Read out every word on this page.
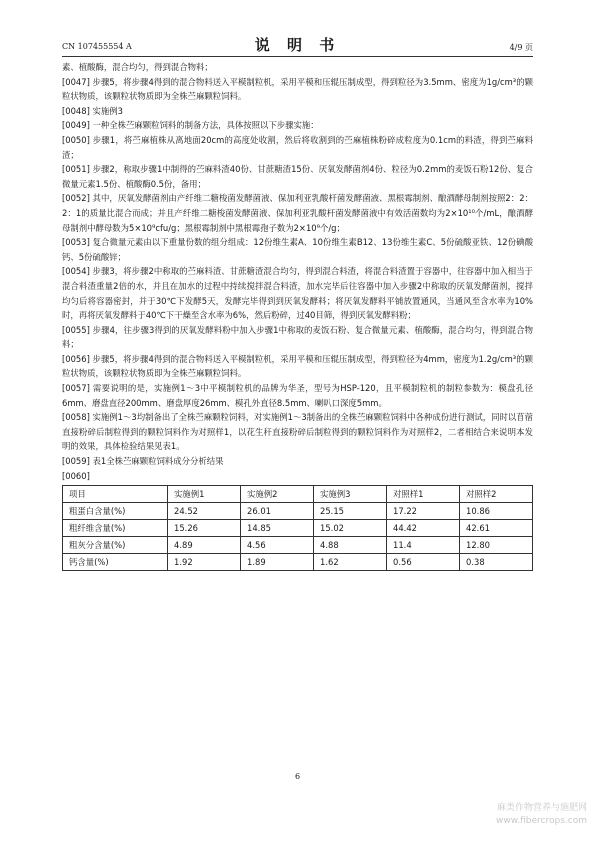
CN 107455554 A	说 明 书	4/9 页

素、植酸酶，混合均匀，得到混合物料；

[0047] 步骤5，将步骤4得到的混合物料送入平模制粒机，采用平模和压辊压制成型，得到粒径为3.5mm、密度为1g/cm³的颗粒状物质，该颗粒状物质即为全株苎麻颗粒饲料。

[0048] 实施例3

[0049] 一种全株苎麻颗粒饲料的制备方法，具体按照以下步骤实施：

[0050] 步骤1，将苎麻植株从离地面20cm的高度处收割，然后将收割到的苎麻植株粉碎成粒度为0.1cm的料渣，得到苎麻料渣；

[0051] 步骤2，称取步骤1中制得的苎麻料渣40份、甘蔗糖渣15份、厌氧发酵菌剂4份、粒径为0.2mm的麦饭石粉12份、复合微量元素1.5份、植酸酶0.5份，备用；

[0052] 其中，厌氧发酵菌剂由产纤维二糖梭菌发酵菌液、保加利亚乳酸杆菌发酵菌液、黑根霉制剂、酿酒酵母制剂按照2：2：2：1的质量比混合而成；并且产纤维二糖梭菌发酵菌液、保加利亚乳酸杆菌发酵菌液中有效活菌数均为2×10¹⁰个/mL，酿酒酵母制剂中酵母数为5×10⁹cfu/g；黑根霉制剂中黑根霉孢子数为2×10⁹个/g；

[0053] 复合微量元素由以下重量份数的组分组成：12份维生素A、10份维生素B12、13份维生素C、5份硫酸亚铁、12份碘酸钙、5份硫酸锌；

[0054] 步骤3，将步骤2中称取的苎麻料渣、甘蔗糖渣混合均匀，得到混合料渣，将混合料渣置于容器中，往容器中加入相当于混合料渣重量2倍的水，并且在加水的过程中持续搅拌混合料渣，加水完毕后往容器中加入步骤2中称取的厌氧发酵菌剂，搅拌均匀后将容器密封，并于30℃下发酵5天，发酵完毕得到到厌氧发酵料；将厌氧发酵料平铺放置通风，当通风至含水率为10%时，再将厌氧发酵料于40℃下干燥至含水率为6%，然后粉碎，过40目筛，得到厌氧发酵料粉；

[0055] 步骤4，往步骤3得到的厌氧发酵料粉中加入步骤1中称取的麦饭石粉、复合微量元素、植酸酶，混合均匀，得到混合物料；

[0056] 步骤5，将步骤4得到的混合物料送入平模制粒机，采用平模和压辊压制成型，得到粒径为4mm，密度为1.2g/cm³的颗粒状物质，该颗粒状物质即为全株苎麻颗粒饲料。

[0057] 需要说明的是，实施例1～3中平模制粒机的品牌为华圣，型号为HSP-120，且平模制粒机的制粒参数为：模盘孔径6mm、磨盘直径200mm、磨盘厚度26mm、模孔外直径8.5mm、喇叭口深度5mm。

[0058] 实施例1～3均制备出了全株苎麻颗粒饲料，对实施例1～3制备出的全株苎麻颗粒饲料中各种成份进行测试，同时以苜蓿直接粉碎后制粒得到的颗粒饲料作为对照样1，以花生秆直接粉碎后制粒得到的颗粒饲料作为对照样2，二者相结合来说明本发明的效果，具体检验结果见表1。

[0059] 表1全株苎麻颗粒饲料成分分析结果

[0060]

项目	实施例1	实施例2	实施例3	对照样1	对照样2
粗蛋白含量(%)	24.52	26.01	25.15	17.22	10.86
粗纤维含量(%)	15.26	14.85	15.02	44.42	42.61
粗灰分含量(%)	4.89	4.56	4.88	11.4	12.80
钙含量(%)	1.92	1.89	1.62	0.56	0.38
6
麻类作物营养与施肥网
www.fibercrops.com
